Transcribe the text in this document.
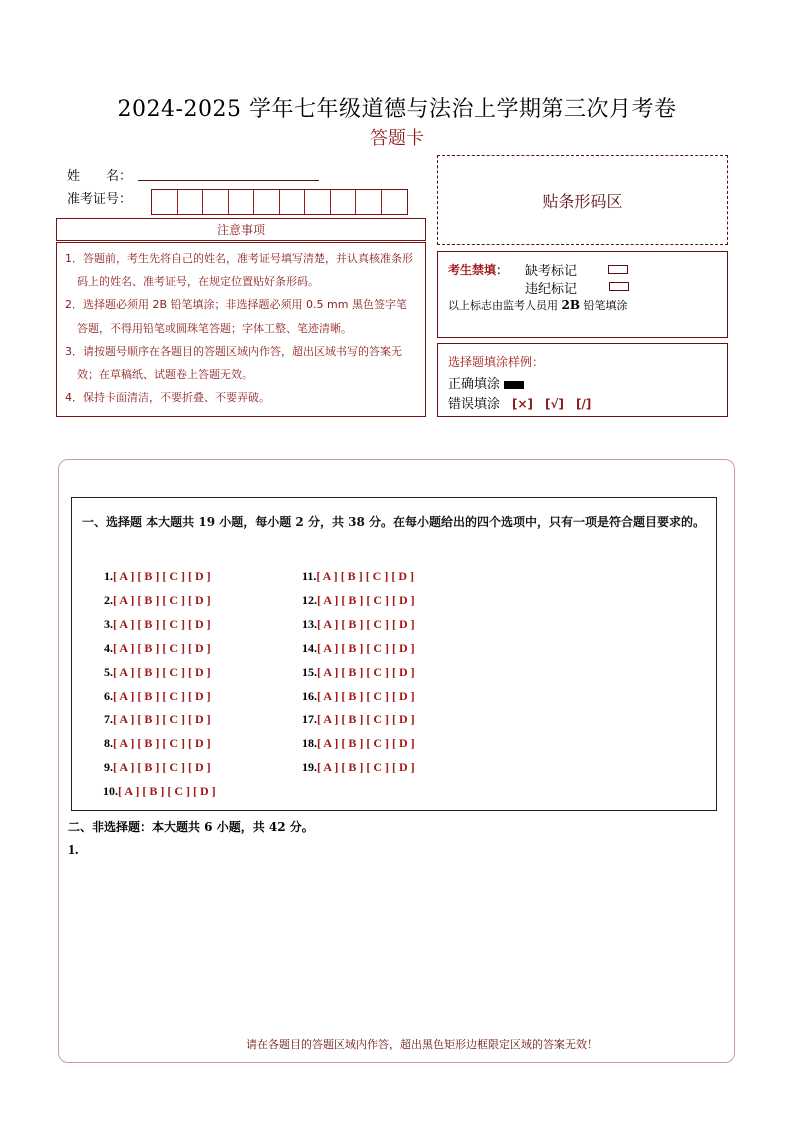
2024-2025 学年七年级道德与法治上学期第三次月考卷
答题卡
姓　　名：
准考证号：
注意事项
1．答题前，考生先将自己的姓名，准考证号填写清楚，并认真核准条形码上的姓名、准考证号，在规定位置贴好条形码。
2．选择题必须用 2B 铅笔填涂；非选择题必须用 0.5 mm 黑色签字笔答题，不得用铅笔或圆珠笔答题；字体工整、笔迹清晰。
3．请按题号顺序在各题目的答题区域内作答，超出区域书写的答案无效；在草稿纸、试题卷上答题无效。
4．保持卡面清洁，不要折叠、不要弄破。
贴条形码区
考生禁填： 缺考标记
违纪标记
以上标志由监考人员用 2B 铅笔填涂
选择题填涂样例：
正确填涂
错误填涂 [×] [√] [/]
一、选择题 本大题共 19 小题，每小题 2 分，共 38 分。在每小题给出的四个选项中，只有一项是符合题目要求的。
1.[ A ] [ B ] [ C ] [ D ]
2.[ A ] [ B ] [ C ] [ D ]
3.[ A ] [ B ] [ C ] [ D ]
4.[ A ] [ B ] [ C ] [ D ]
5.[ A ] [ B ] [ C ] [ D ]
6.[ A ] [ B ] [ C ] [ D ]
7.[ A ] [ B ] [ C ] [ D ]
8.[ A ] [ B ] [ C ] [ D ]
9.[ A ] [ B ] [ C ] [ D ]
10.[ A ] [ B ] [ C ] [ D ]
11.[ A ] [ B ] [ C ] [ D ]
12.[ A ] [ B ] [ C ] [ D ]
13.[ A ] [ B ] [ C ] [ D ]
14.[ A ] [ B ] [ C ] [ D ]
15.[ A ] [ B ] [ C ] [ D ]
16.[ A ] [ B ] [ C ] [ D ]
17.[ A ] [ B ] [ C ] [ D ]
18.[ A ] [ B ] [ C ] [ D ]
19.[ A ] [ B ] [ C ] [ D ]
二、非选择题：本大题共 6 小题，共 42 分。
1.
请在各题目的答题区域内作答，超出黑色矩形边框限定区域的答案无效！
